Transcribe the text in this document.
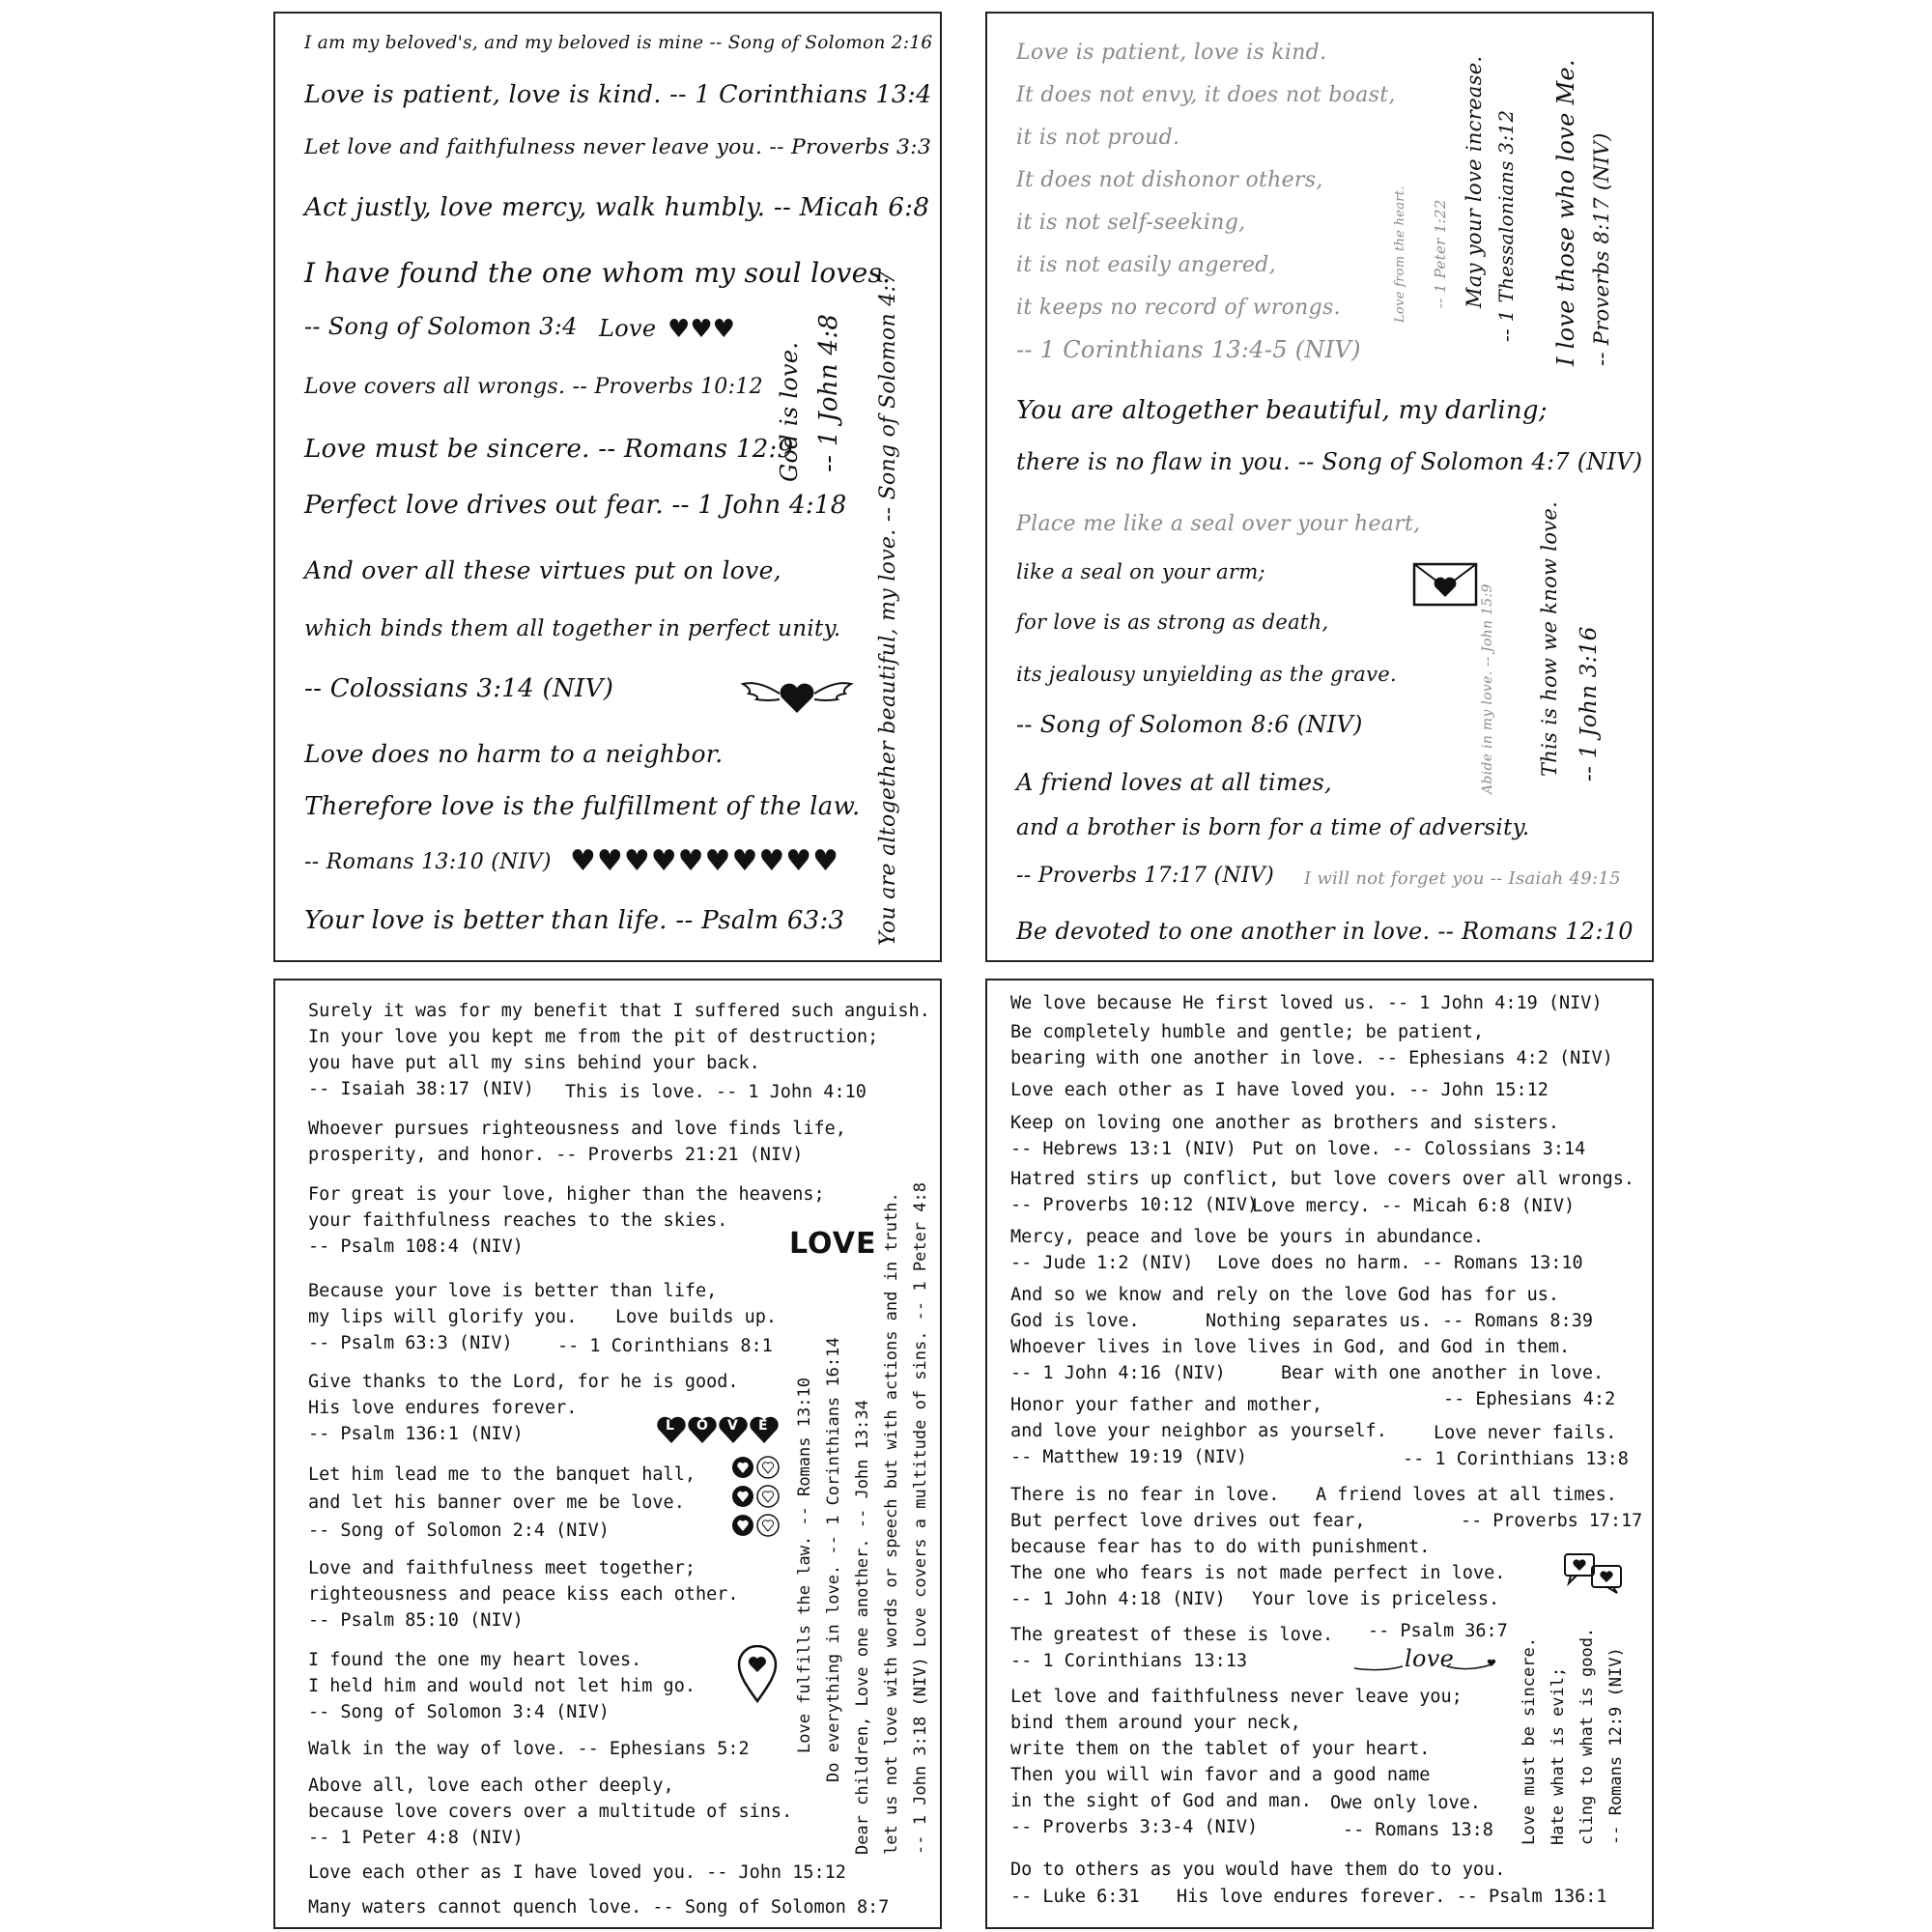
I am my beloved's, and my beloved is mine -- Song of Solomon 2:16
Love is patient, love is kind. -- 1 Corinthians 13:4
Let love and faithfulness never leave you. -- Proverbs 3:3
Act justly, love mercy, walk humbly. -- Micah 6:8
I have found the one whom my soul loves.
-- Song of Solomon 3:4 Love ♥♥♥
Love covers all wrongs. -- Proverbs 10:12
Love must be sincere. -- Romans 12:9
Perfect love drives out fear. -- 1 John 4:18
And over all these virtues put on love,
which binds them all together in perfect unity.
-- Colossians 3:14 (NIV)
Love does no harm to a neighbor.
Therefore love is the fulfillment of the law.
-- Romans 13:10 (NIV) ♥♥♥♥♥♥♥♥♥♥
Your love is better than life. -- Psalm 63:3
God is love. -- 1 John 4:8 You are altogether beautiful, my love. -- Song of Solomon 4:7
Love is patient, love is kind.
It does not envy, it does not boast,
it is not proud.
It does not dishonor others,
it is not self-seeking,
it is not easily angered,
it keeps no record of wrongs.
-- 1 Corinthians 13:4-5 (NIV)
You are altogether beautiful, my darling;
there is no flaw in you. -- Song of Solomon 4:7 (NIV)
Place me like a seal over your heart,
like a seal on your arm;
for love is as strong as death,
its jealousy unyielding as the grave.
-- Song of Solomon 8:6 (NIV)
A friend loves at all times,
and a brother is born for a time of adversity.
-- Proverbs 17:17 (NIV) I will not forget you -- Isaiah 49:15
Be devoted to one another in love. -- Romans 12:10
Love from the heart. -- 1 Peter 1:22 May your love increase. -- 1 Thessalonians 3:12 I love those who love Me. -- Proverbs 8:17 (NIV)
Abide in my love. -- John 15:9 This is how we know love. -- 1 John 3:16
Surely it was for my benefit that I suffered such anguish.
In your love you kept me from the pit of destruction;
you have put all my sins behind your back.
-- Isaiah 38:17 (NIV) This is love. -- 1 John 4:10
Whoever pursues righteousness and love finds life,
prosperity, and honor. -- Proverbs 21:21 (NIV)
For great is your love, higher than the heavens;
your faithfulness reaches to the skies.
-- Psalm 108:4 (NIV)	LOVE
Because your love is better than life,
my lips will glorify you. Love builds up.
-- Psalm 63:3 (NIV)	-- 1 Corinthians 8:1
Give thanks to the Lord, for he is good.
His love endures forever.
-- Psalm 136:1 (NIV)	L O V E
Let him lead me to the banquet hall,
and let his banner over me be love.
-- Song of Solomon 2:4 (NIV)
Love and faithfulness meet together;
righteousness and peace kiss each other.
-- Psalm 85:10 (NIV)
I found the one my heart loves.
I held him and would not let him go.
-- Song of Solomon 3:4 (NIV)
Walk in the way of love. -- Ephesians 5:2
Above all, love each other deeply,
because love covers over a multitude of sins.
-- 1 Peter 4:8 (NIV)
Love each other as I have loved you. -- John 15:12
Many waters cannot quench love. -- Song of Solomon 8:7
Love fulfills the law. -- Romans 13:10 Do everything in love. -- 1 Corinthians 16:14 Dear children, Love one another. -- John 13:34 let us not love with words or speech but with actions and in truth. -- 1 John 3:18 (NIV) Love covers a multitude of sins. -- 1 Peter 4:8
We love because He first loved us. -- 1 John 4:19 (NIV)
Be completely humble and gentle; be patient,
bearing with one another in love. -- Ephesians 4:2 (NIV)
Love each other as I have loved you. -- John 15:12
Keep on loving one another as brothers and sisters.
-- Hebrews 13:1 (NIV) Put on love. -- Colossians 3:14
Hatred stirs up conflict, but love covers over all wrongs.
-- Proverbs 10:12 (NIV)
Love mercy. -- Micah 6:8 (NIV)
Mercy, peace and love be yours in abundance.
-- Jude 1:2 (NIV) Love does no harm. -- Romans 13:10
And so we know and rely on the love God has for us.
God is love.	Nothing separates us. -- Romans 8:39
Whoever lives in love lives in God, and God in them.
-- 1 John 4:16 (NIV)	Bear with one another in love.
Honor your father and mother,	-- Ephesians 4:2
and love your neighbor as yourself.	Love never fails.
-- Matthew 19:19 (NIV)	-- 1 Corinthians 13:8
There is no fear in love. A friend loves at all times.
But perfect love drives out fear,	-- Proverbs 17:17
because fear has to do with punishment.
The one who fears is not made perfect in love.
-- 1 John 4:18 (NIV) Your love is priceless.
The greatest of these is love. -- Psalm 36:7
-- 1 Corinthians 13:13	love
Let love and faithfulness never leave you;
bind them around your neck,
write them on the tablet of your heart.
Then you will win favor and a good name
in the sight of God and man. Owe only love.
-- Proverbs 3:3-4 (NIV)	-- Romans 13:8
Do to others as you would have them do to you.
-- Luke 6:31 His love endures forever. -- Psalm 136:1
Love must be sincere. Hate what is evil; cling to what is good. -- Romans 12:9 (NIV)
